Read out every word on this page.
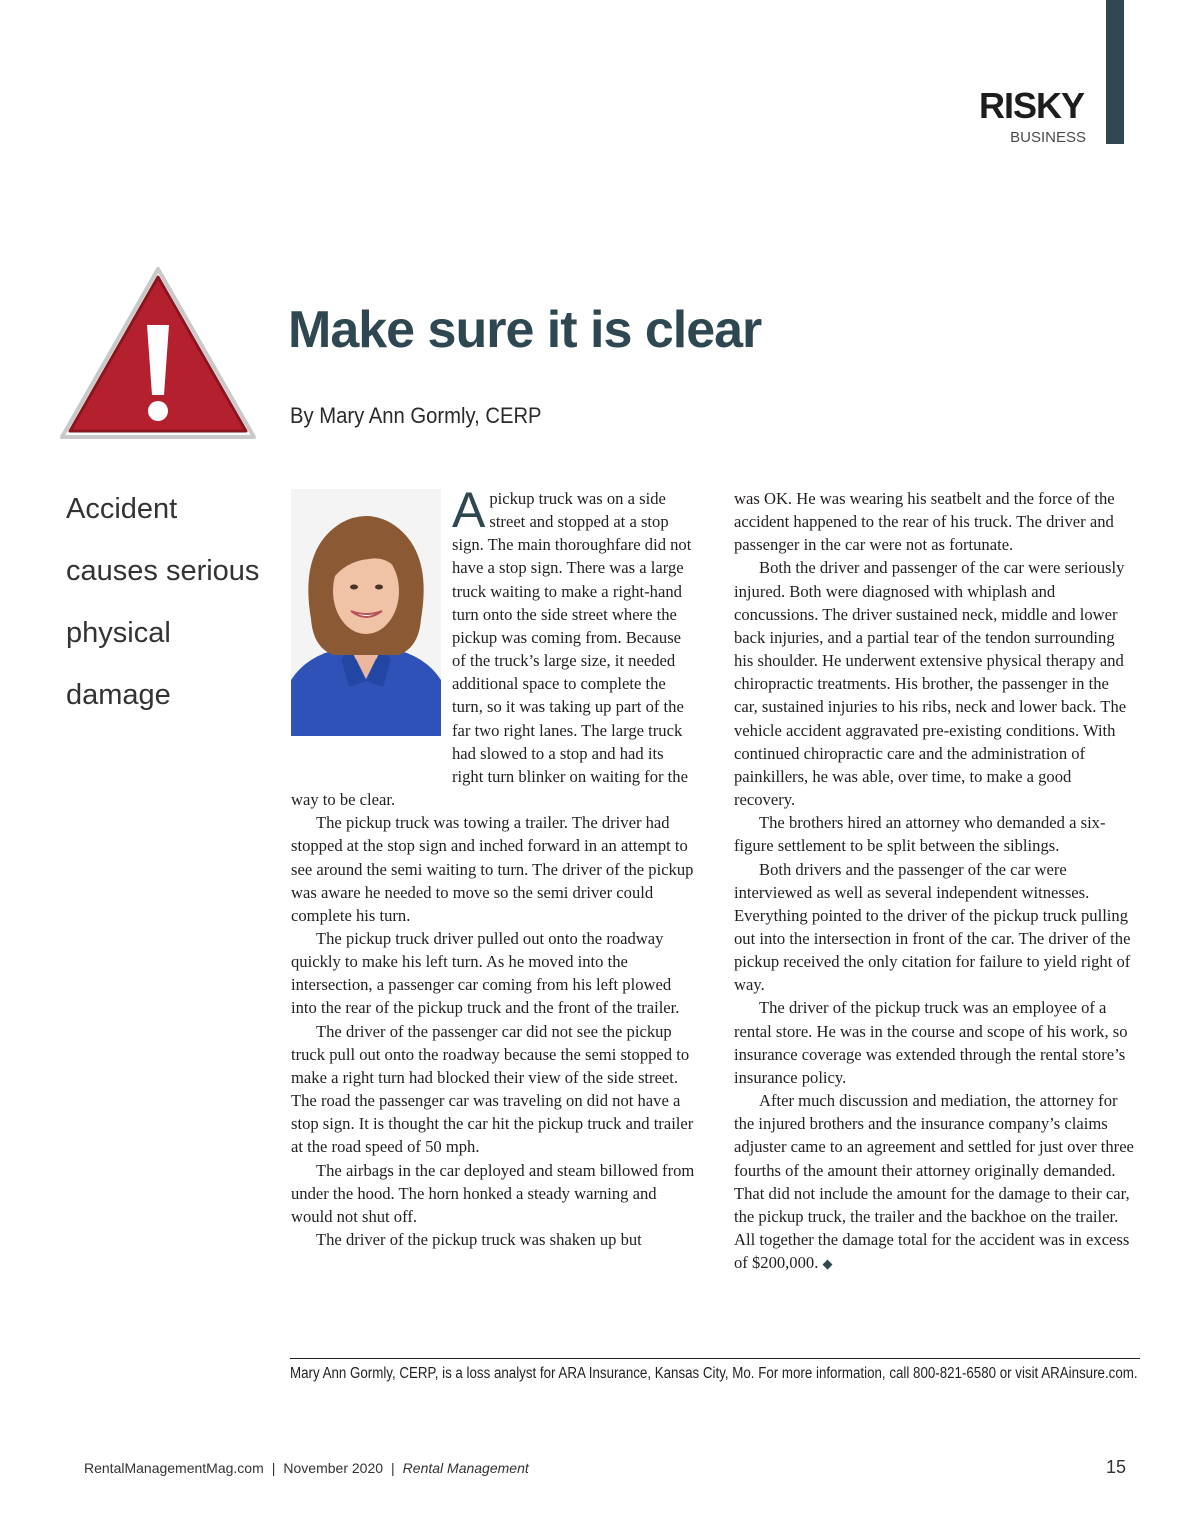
RISKY
BUSINESS
Make sure it is clear
By Mary Ann Gormly, CERP
Accident
causes serious
physical
damage

Apickup truck was on a side street and stopped at a stop sign. The main thoroughfare did not have a stop sign. There was a large truck waiting to make a right-hand turn onto the side street where the pickup was coming from. Because of the truck’s large size, it needed additional space to complete the turn, so it was taking up part of the far two right lanes. The large truck had slowed to a stop and had its right turn blinker on waiting for the way to be clear.

The pickup truck was towing a trailer. The driver had stopped at the stop sign and inched forward in an attempt to see around the semi waiting to turn. The driver of the pickup was aware he needed to move so the semi driver could complete his turn.

The pickup truck driver pulled out onto the roadway quickly to make his left turn. As he moved into the intersection, a passenger car coming from his left plowed into the rear of the pickup truck and the front of the trailer.

The driver of the passenger car did not see the pickup truck pull out onto the roadway because the semi stopped to make a right turn had blocked their view of the side street. The road the passenger car was traveling on did not have a stop sign. It is thought the car hit the pickup truck and trailer at the road speed of 50 mph.

The airbags in the car deployed and steam billowed from under the hood. The horn honked a steady warning and would not shut off.

The driver of the pickup truck was shaken up but

was OK. He was wearing his seatbelt and the force of the accident happened to the rear of his truck. The driver and passenger in the car were not as fortunate.

Both the driver and passenger of the car were seriously injured. Both were diagnosed with whiplash and concussions. The driver sustained neck, middle and lower back injuries, and a partial tear of the tendon surrounding his shoulder. He underwent extensive physical therapy and chiropractic treatments. His brother, the passenger in the car, sustained injuries to his ribs, neck and lower back. The vehicle accident aggravated pre-existing conditions. With continued chiropractic care and the administration of painkillers, he was able, over time, to make a good recovery.

The brothers hired an attorney who demanded a six-figure settlement to be split between the siblings.

Both drivers and the passenger of the car were interviewed as well as several independent witnesses. Everything pointed to the driver of the pickup truck pulling out into the intersection in front of the car. The driver of the pickup received the only citation for failure to yield right of way.

The driver of the pickup truck was an employee of a rental store. He was in the course and scope of his work, so insurance coverage was extended through the rental store’s insurance policy.

After much discussion and mediation, the attorney for the injured brothers and the insurance company’s claims adjuster came to an agreement and settled for just over three fourths of the amount their attorney originally demanded. That did not include the amount for the damage to their car, the pickup truck, the trailer and the backhoe on the trailer. All together the damage total for the accident was in excess of $200,000. ◆

Mary Ann Gormly, CERP, is a loss analyst for ARA Insurance, Kansas City, Mo. For more information, call 800-821-6580 or visit ARAinsure.com.
RentalManagementMag.com | November 2020 | Rental Management	15
